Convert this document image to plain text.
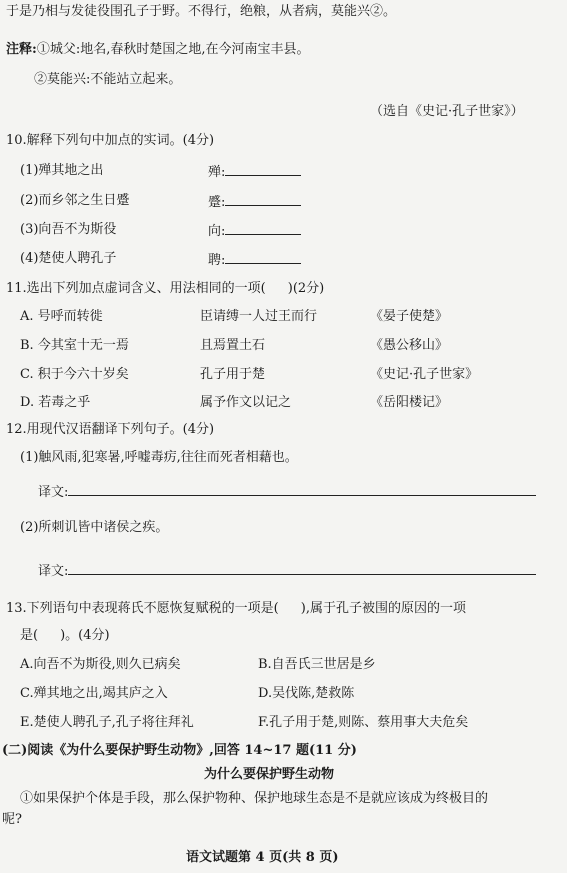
于是乃相与发徒役围孔子于野。不得行，绝粮，从者病，莫能兴②。
注释:①城父:地名,春秋时楚国之地,在今河南宝丰县。
②莫能兴:不能站立起来。
（选自《史记·孔子世家》）
10.解释下列句中加点的实词。(4分)
(1)殚其地之出	殚:
(2)而乡邻之生日蹙	蹙:
(3)向吾不为斯役	向:
(4)楚使人聘孔子	聘:
11.选出下列加点虚词含义、用法相同的一项( )(2分)
A. 号呼而转徙	臣请缚一人过王而行	《晏子使楚》
B. 今其室十无一焉	且焉置土石	《愚公移山》
C. 积于今六十岁矣	孔子用于楚	《史记·孔子世家》
D. 若毒之乎	属予作文以记之	《岳阳楼记》
12.用现代汉语翻译下列句子。(4分)
(1)触风雨,犯寒暑,呼嘘毒疠,往往而死者相藉也。
译文:
(2)所刺讥皆中诸侯之疾。
译文:
13.下列语句中表现蒋氏不愿恢复赋税的一项是( ),属于孔子被围的原因的一项
是( )。(4分)
A.向吾不为斯役,则久已病矣	B.自吾氏三世居是乡
C.殚其地之出,竭其庐之入	D.吴伐陈,楚救陈
E.楚使人聘孔子,孔子将往拜礼	F.孔子用于楚,则陈、蔡用事大夫危矣
(二)阅读《为什么要保护野生动物》,回答 14~17 题(11 分)
为什么要保护野生动物
①如果保护个体是手段，那么保护物种、保护地球生态是不是就应该成为终极目的
呢?
语文试题第 4 页(共 8 页)
